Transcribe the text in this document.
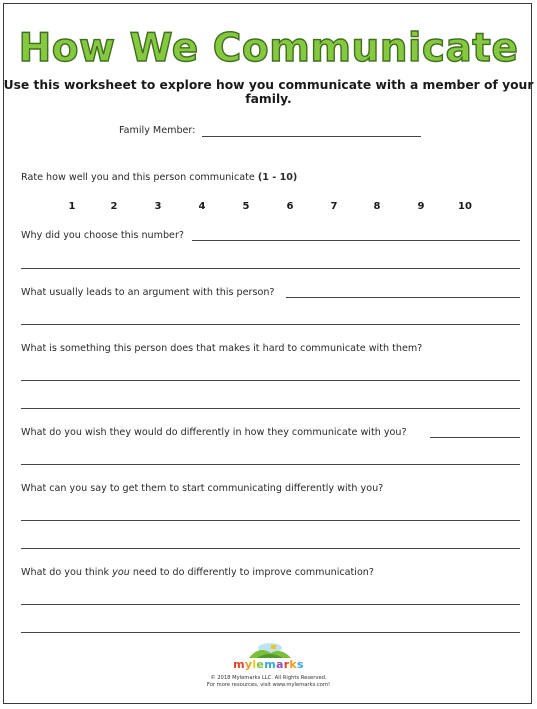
How We Communicate
Use this worksheet to explore how you communicate with a member of your family.
Family Member:
Rate how well you and this person communicate (1 - 10)
1	2	3	4	5	6	7	8	9	10
Why did you choose this number?
What usually leads to an argument with this person?
What is something this person does that makes it hard to communicate with them?
What do you wish they would do differently in how they communicate with you?
What can you say to get them to start communicating differently with you?
What do you think you need to do differently to improve communication?
mylemarks
© 2018 Mylemarks LLC. All Rights Reserved.
For more resources, visit www.mylemarks.com!
